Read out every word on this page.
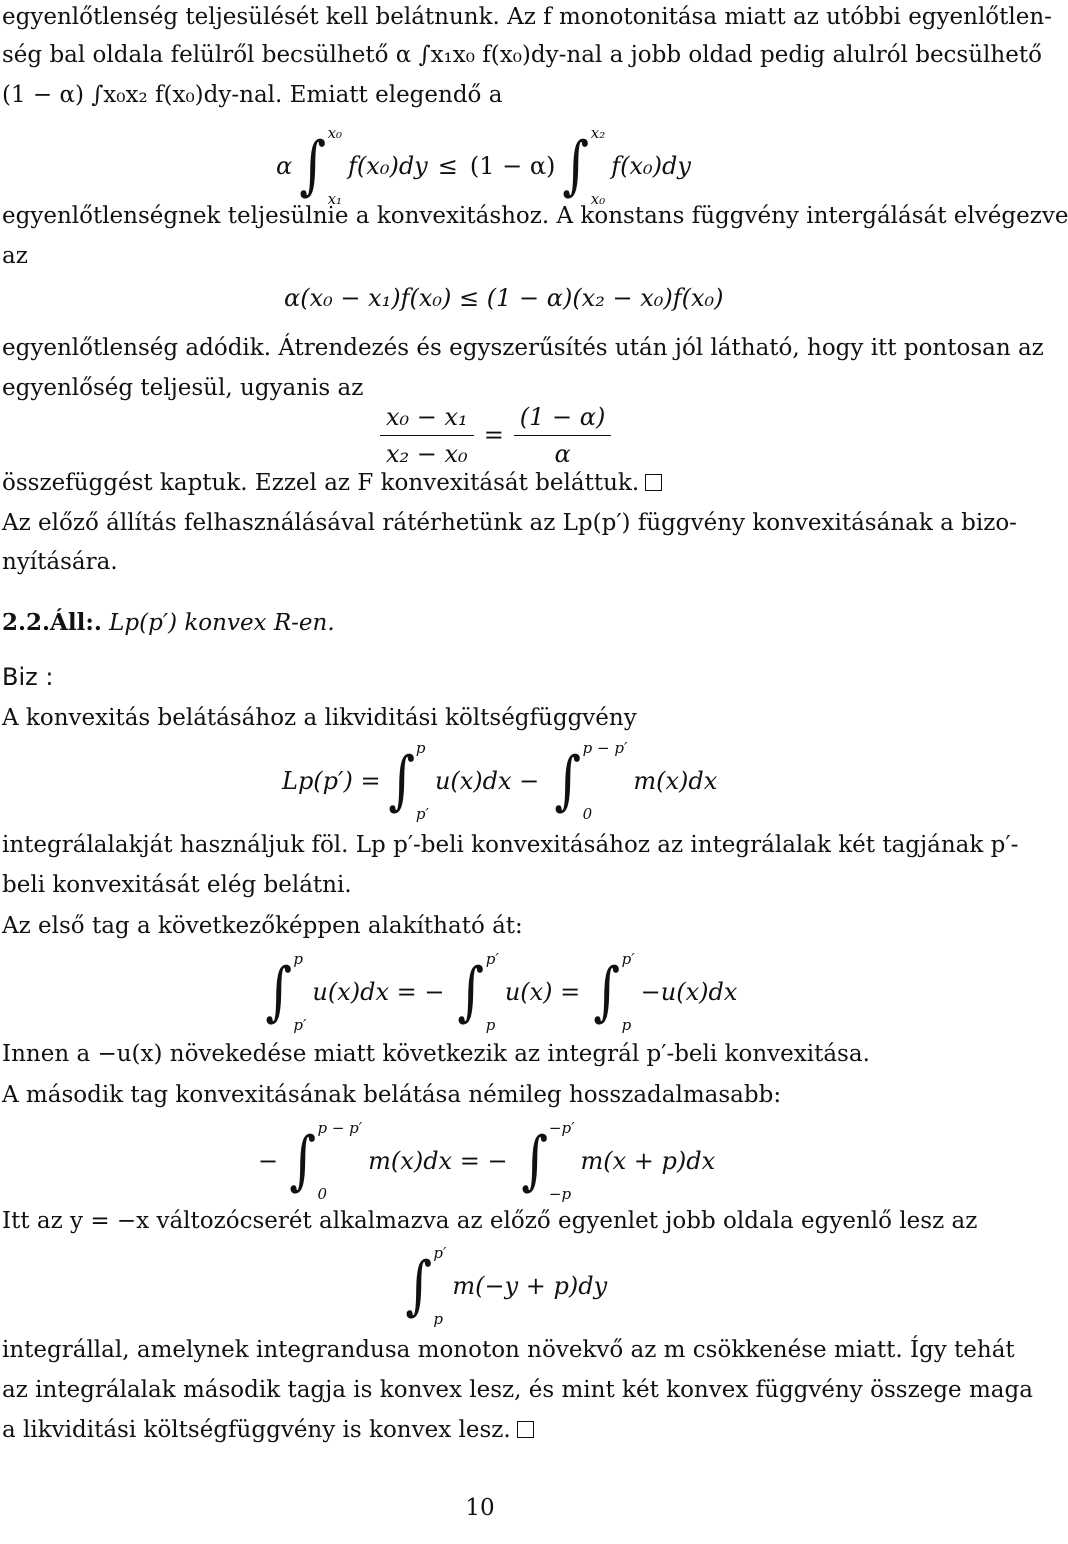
egyenlőtlenség teljesülését kell belátnunk. Az f monotonitása miatt az utóbbi egyenlőtlen-
ség bal oldala felülről becsülhető α ∫x₁x₀ f(x₀)dy-nal a jobb oldad pedig alulról becsülhető
(1 − α) ∫x₀x₂ f(x₀)dy-nal. Emiatt elegendő a
α ∫ x₀
x₁
f(x₀)dy ≤ (1 − α) ∫ x₂
x₀
f(x₀)dy
egyenlőtlenségnek teljesülnie a konvexitáshoz. A konstans függvény intergálását elvégezve
az
α(x₀ − x₁)f(x₀) ≤ (1 − α)(x₂ − x₀)f(x₀)
egyenlőtlenség adódik. Átrendezés és egyszerűsítés után jól látható, hogy itt pontosan az
egyenlőség teljesül, ugyanis az
$\frac{\text{x₀ − x₁}}{\text{x₂ − x₀}} = \frac{(1 - \alpha)}{\alpha}$
összefüggést kaptuk. Ezzel az F konvexitását beláttuk.
Az előző állítás felhasználásával rátérhetünk az Lp(p′) függvény konvexitásának a bizo-
nyítására.
2.2.Áll:. Lp(p′) konvex R-en.
Biz :
A konvexitás belátásához a likviditási költségfüggvény
Lp(p′) = ∫ p
p′
u(x)dx − ∫ p − p′
0
m(x)dx
integrálalakját használjuk föl. Lp p′-beli konvexitásához az integrálalak két tagjának p′-
beli konvexitását elég belátni.
Az első tag a következőképpen alakítható át:
∫ p
p′
u(x)dx = − ∫ p′
p
u(x) = ∫ p′
p
−u(x)dx
Innen a −u(x) növekedése miatt következik az integrál p′-beli konvexitása.
A második tag konvexitásának belátása némileg hosszadalmasabb:
− ∫ p − p′
0
m(x)dx = − ∫ −p′
−p
m(x + p)dx
Itt az y = −x változócserét alkalmazva az előző egyenlet jobb oldala egyenlő lesz az
∫ p′
p
m(−y + p)dy
integrállal, amelynek integrandusa monoton növekvő az m csökkenése miatt. Így tehát
az integrálalak második tagja is konvex lesz, és mint két konvex függvény összege maga
a likviditási költségfüggvény is konvex lesz.
10
